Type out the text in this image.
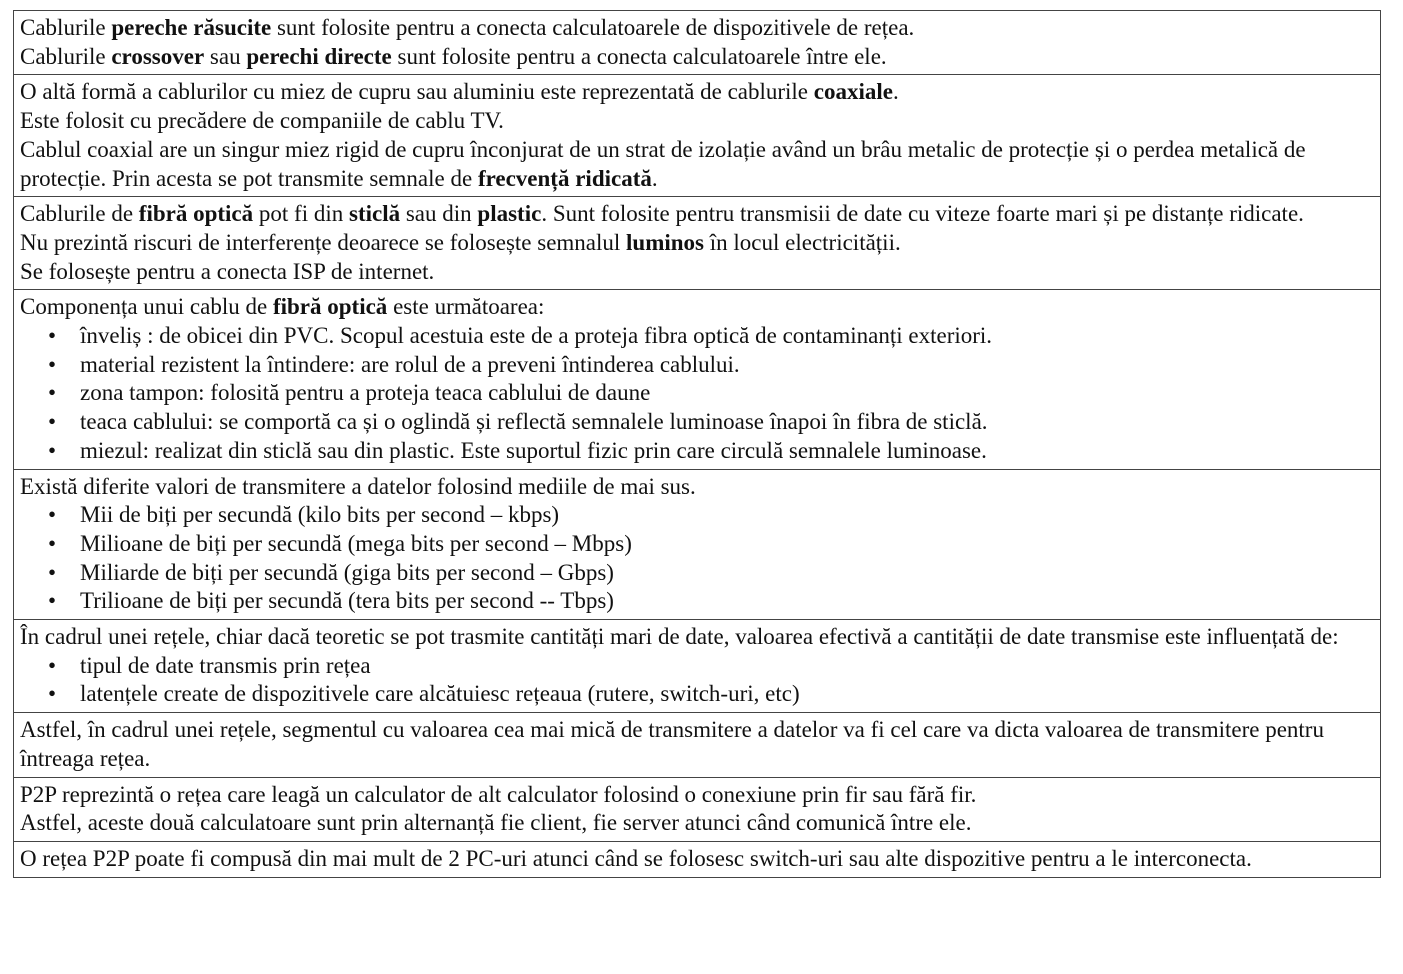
Cablurile pereche răsucite sunt folosite pentru a conecta calculatoarele de dispozitivele de rețea.
Cablurile crossover sau perechi directe sunt folosite pentru a conecta calculatoarele între ele.

O altă formă a cablurilor cu miez de cupru sau aluminiu este reprezentată de cablurile coaxiale.
Este folosit cu precădere de companiile de cablu TV.
Cablul coaxial are un singur miez rigid de cupru înconjurat de un strat de izolație având un brâu metalic de protecție și o perdea metalică de protecție. Prin acesta se pot transmite semnale de frecvență ridicată.

Cablurile de fibră optică pot fi din sticlă sau din plastic. Sunt folosite pentru transmisii de date cu viteze foarte mari și pe distanțe ridicate.
Nu prezintă riscuri de interferențe deoarece se folosește semnalul luminos în locul electricității.
Se folosește pentru a conecta ISP de internet.

Componența unui cablu de fibră optică este următoarea:
• înveliș : de obicei din PVC. Scopul acestuia este de a proteja fibra optică de contaminanți exteriori.
• material rezistent la întindere: are rolul de a preveni întinderea cablului.
• zona tampon: folosită pentru a proteja teaca cablului de daune
• teaca cablului: se comportă ca și o oglindă și reflectă semnalele luminoase înapoi în fibra de sticlă.
• miezul: realizat din sticlă sau din plastic. Este suportul fizic prin care circulă semnalele luminoase.

Există diferite valori de transmitere a datelor folosind mediile de mai sus.
• Mii de biți per secundă (kilo bits per second – kbps)
• Milioane de biți per secundă (mega bits per second – Mbps)
• Miliarde de biți per secundă (giga bits per second – Gbps)
• Trilioane de biți per secundă (tera bits per second -- Tbps)

În cadrul unei rețele, chiar dacă teoretic se pot trasmite cantități mari de date, valoarea efectivă a cantității de date transmise este influențată de:
• tipul de date transmis prin rețea
• latențele create de dispozitivele care alcătuiesc rețeaua (rutere, switch-uri, etc)

Astfel, în cadrul unei rețele, segmentul cu valoarea cea mai mică de transmitere a datelor va fi cel care va dicta valoarea de transmitere pentru întreaga rețea.

P2P reprezintă o rețea care leagă un calculator de alt calculator folosind o conexiune prin fir sau fără fir.
Astfel, aceste două calculatoare sunt prin alternanță fie client, fie server atunci când comunică între ele.

O rețea P2P poate fi compusă din mai mult de 2 PC-uri atunci când se folosesc switch-uri sau alte dispozitive pentru a le interconecta.
